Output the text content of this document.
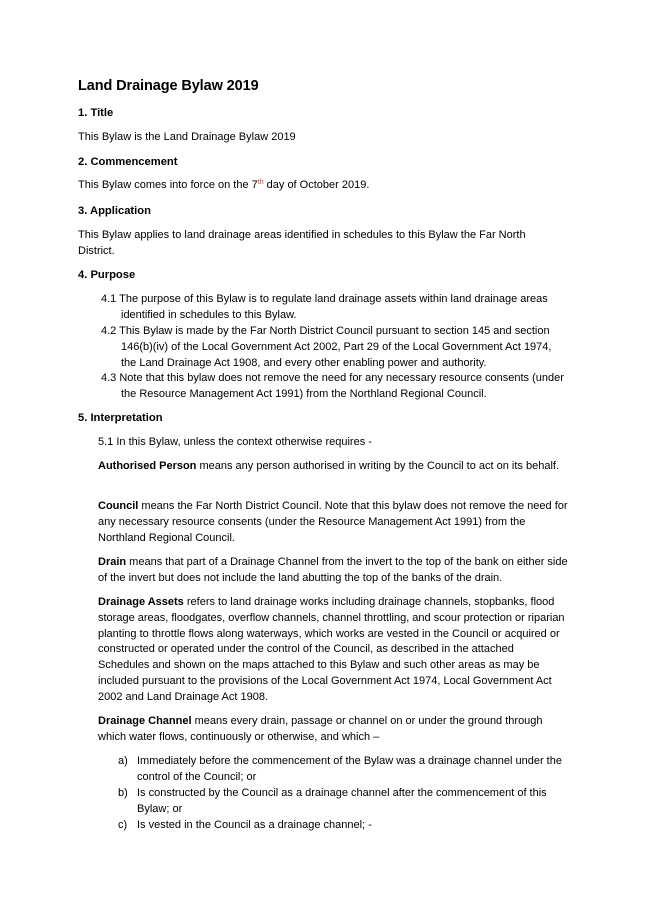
Land Drainage Bylaw 2019
1. Title
This Bylaw is the Land Drainage Bylaw 2019
2. Commencement
This Bylaw comes into force on the 7th day of October 2019.
3. Application
This Bylaw applies to land drainage areas identified in schedules to this Bylaw the Far North District.
4. Purpose
4.1 The purpose of this Bylaw is to regulate land drainage assets within land drainage areas identified in schedules to this Bylaw.
4.2 This Bylaw is made by the Far North District Council pursuant to section 145 and section 146(b)(iv) of the Local Government Act 2002, Part 29 of the Local Government Act 1974, the Land Drainage Act 1908, and every other enabling power and authority.
4.3 Note that this bylaw does not remove the need for any necessary resource consents (under the Resource Management Act 1991) from the Northland Regional Council.
5. Interpretation
5.1 In this Bylaw, unless the context otherwise requires -
Authorised Person means any person authorised in writing by the Council to act on its behalf.
Council means the Far North District Council. Note that this bylaw does not remove the need for any necessary resource consents (under the Resource Management Act 1991) from the Northland Regional Council.
Drain means that part of a Drainage Channel from the invert to the top of the bank on either side of the invert but does not include the land abutting the top of the banks of the drain.
Drainage Assets refers to land drainage works including drainage channels, stopbanks, flood storage areas, floodgates, overflow channels, channel throttling, and scour protection or riparian planting to throttle flows along waterways, which works are vested in the Council or acquired or constructed or operated under the control of the Council, as described in the attached Schedules and shown on the maps attached to this Bylaw and such other areas as may be included pursuant to the provisions of the Local Government Act 1974, Local Government Act 2002 and Land Drainage Act 1908.
Drainage Channel means every drain, passage or channel on or under the ground through which water flows, continuously or otherwise, and which –
a) Immediately before the commencement of the Bylaw was a drainage channel under the control of the Council; or
b) Is constructed by the Council as a drainage channel after the commencement of this Bylaw; or
c) Is vested in the Council as a drainage channel; -
